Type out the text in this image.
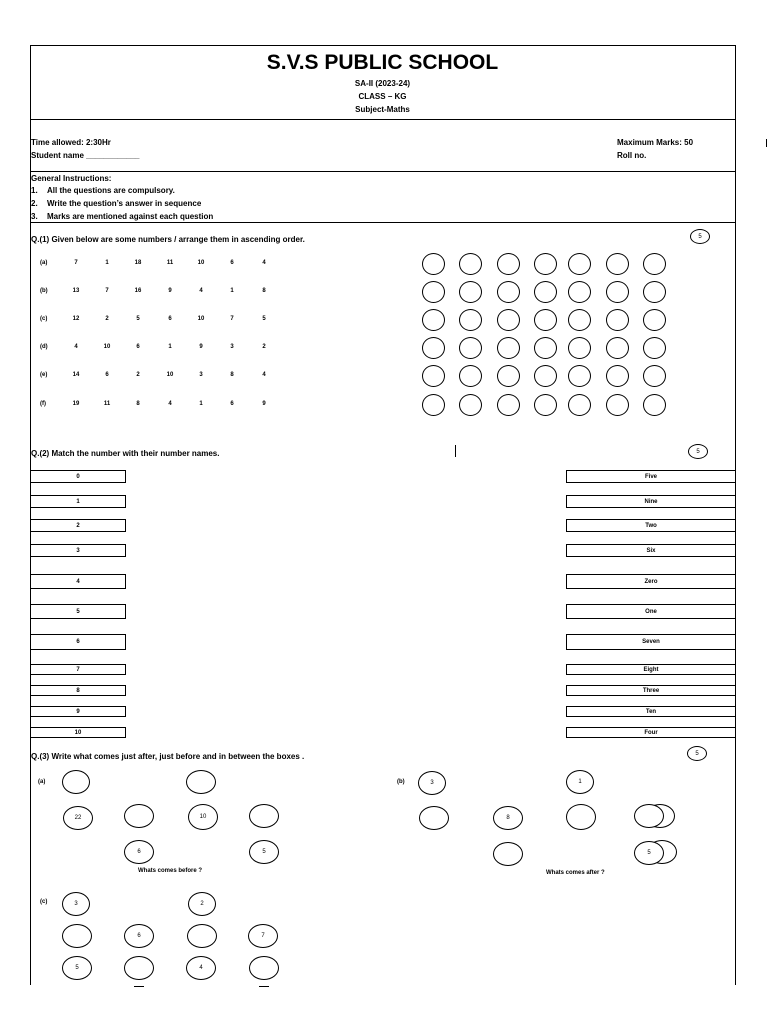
S.V.S PUBLIC SCHOOL
SA-II (2023-24)
CLASS – KG
Subject-Maths
Time allowed: 2:30Hr
Student name ____________
Maximum Marks: 50
Roll no.
General Instructions:
1. All the questions are compulsory.
2. Write the question’s answer in sequence
3. Marks are mentioned against each question
Q.(1) Given below are some numbers / arrange them in ascending order.	5
(a)	7	1	18	11	10	6	4
(b)	13	7	16	9	4	1	8
(c)	12	2	5	6	10	7	5
(d)	4	10	6	1	9	3	2
(e)	14	6	2	10	3	8	4
(f)	19	11	8	4	1	6	9
Q.(2) Match the number with their number names.	5
0	Five
1	Nine
2	Two
3	Six
4	Zero
5	One
6	Seven
7	Eight
8	Three
9	Ten
10	Four
Q.(3) Write what comes just after, just before and in between the boxes .	5
(a)	(b)
(c)
22	10
6	5
Whats comes before ?
3	1
8
5
Whats comes after ?
3	2
6	7
5	4
